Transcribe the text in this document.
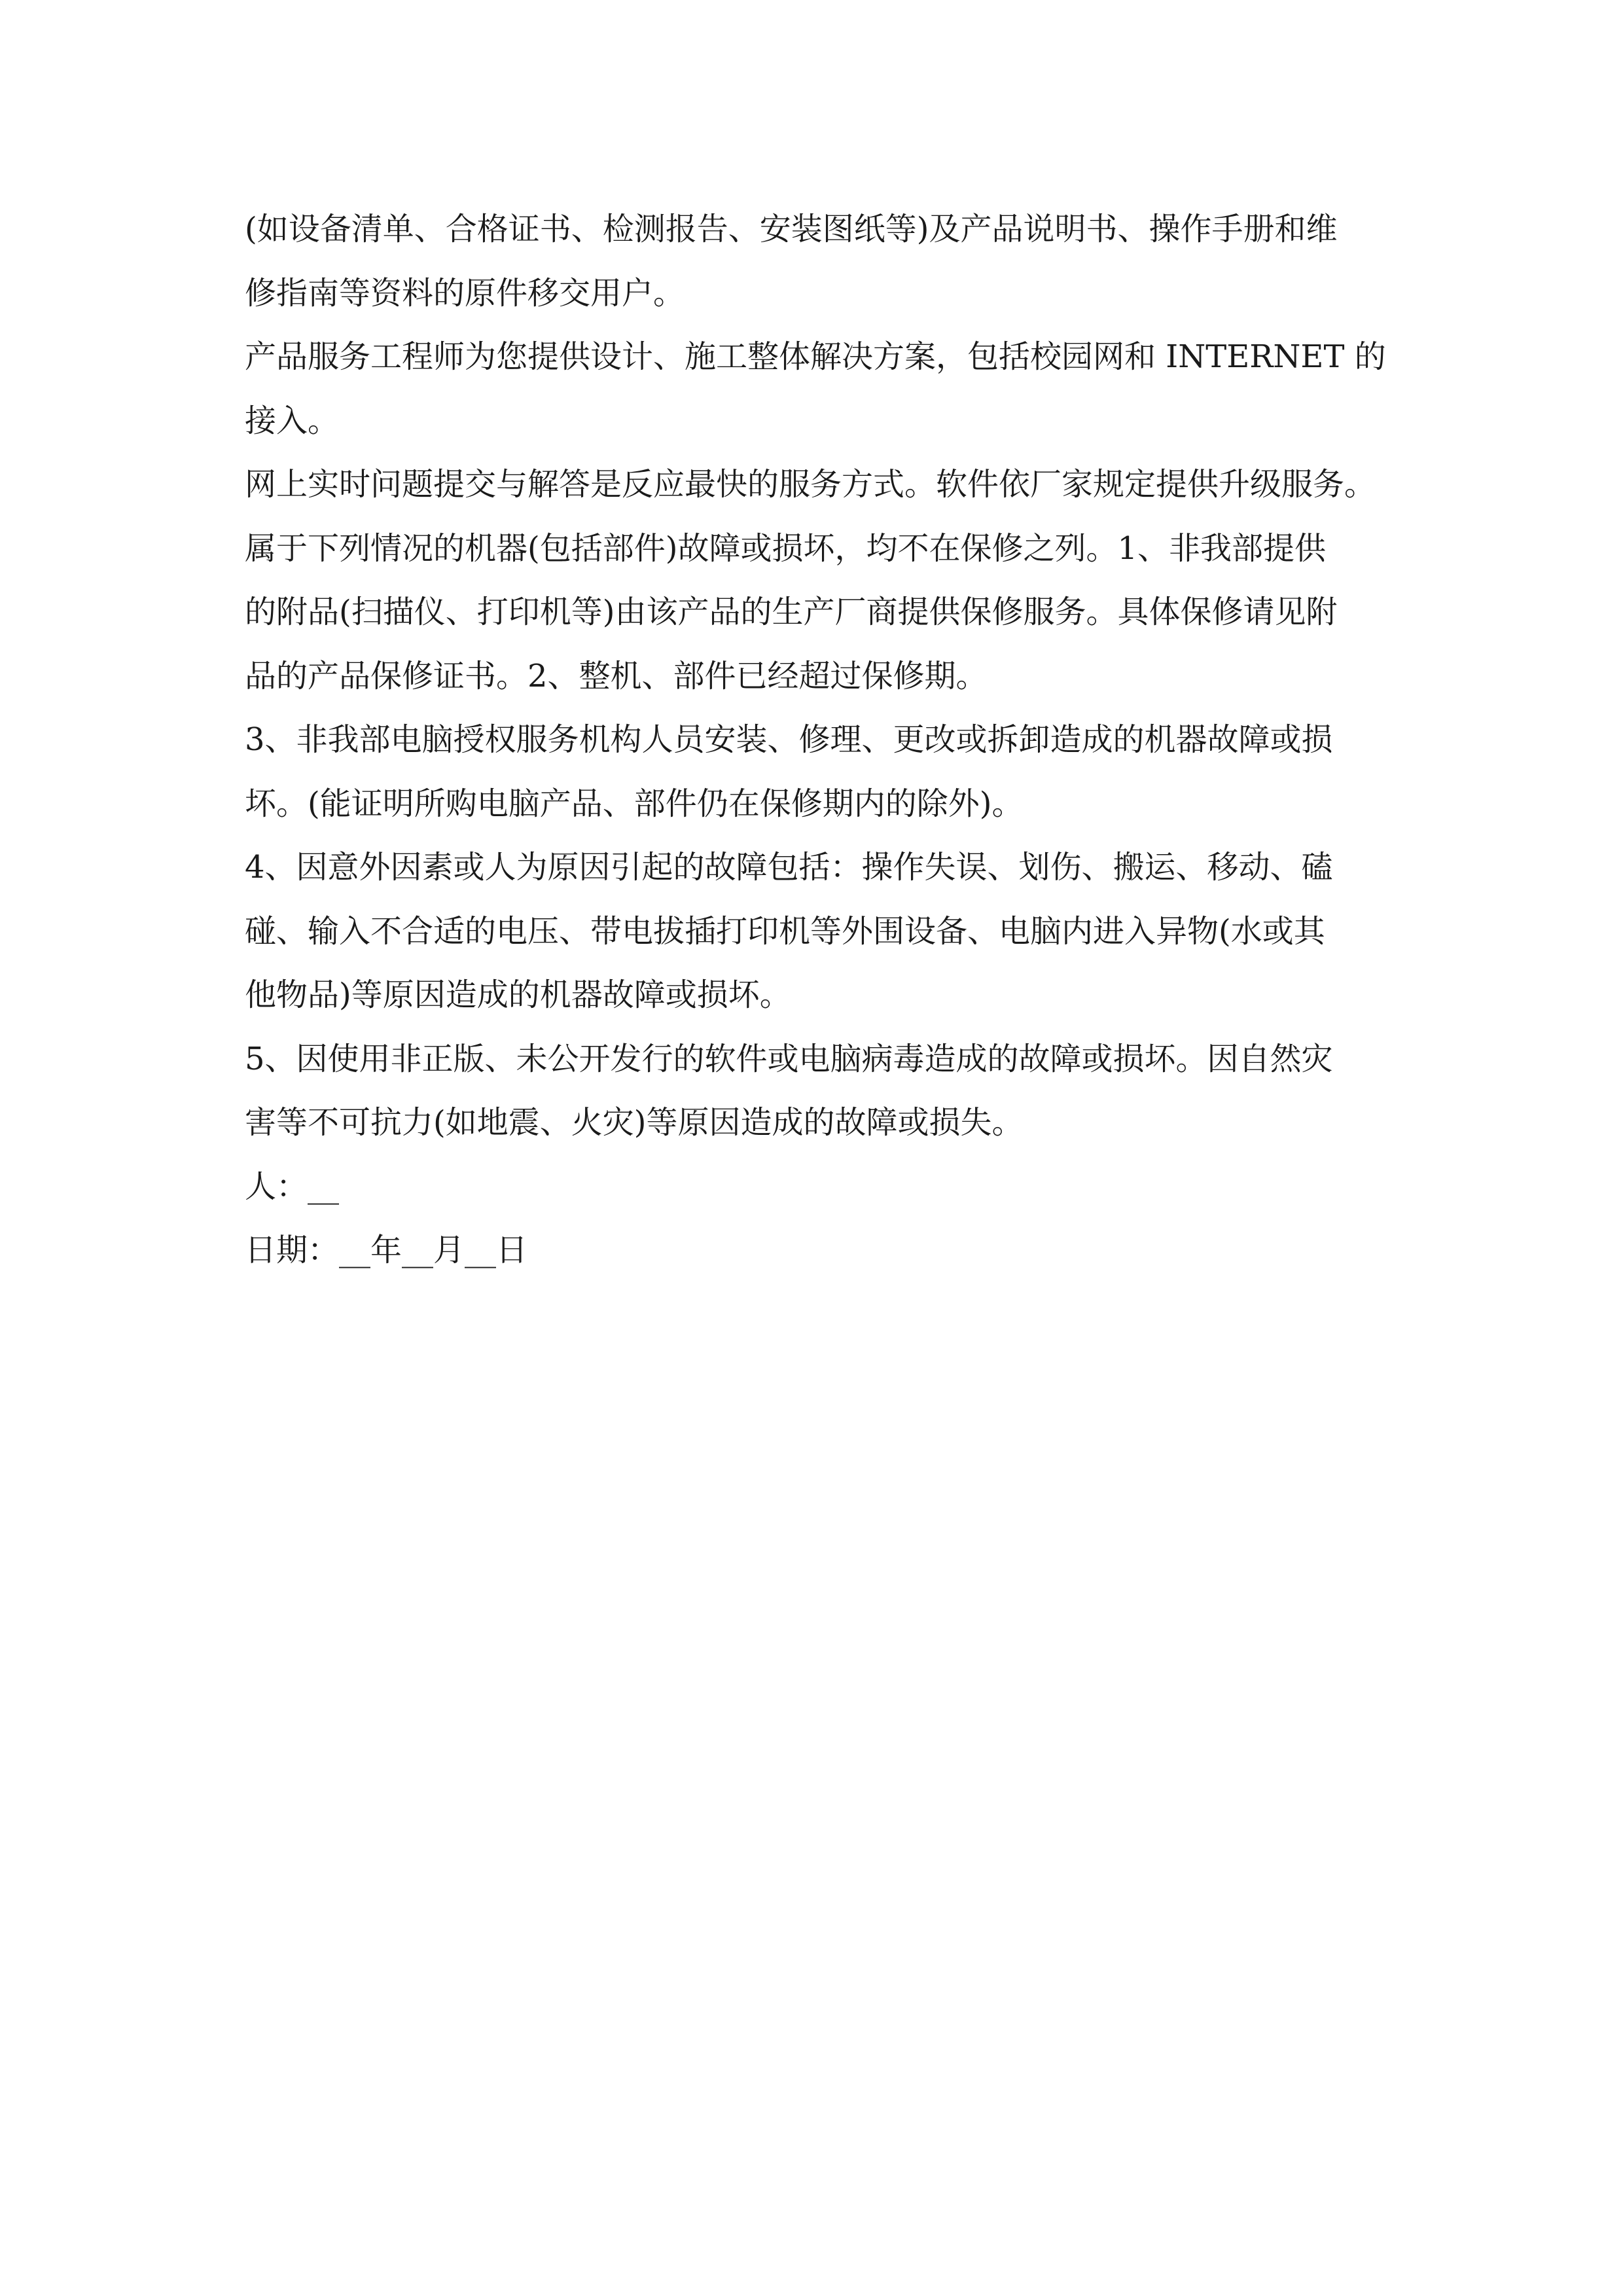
(如设备清单、合格证书、检测报告、安装图纸等)及产品说明书、操作手册和维
修指南等资料的原件移交用户。
产品服务工程师为您提供设计、施工整体解决方案，包括校园网和 INTERNET 的
接入。
网上实时问题提交与解答是反应最快的服务方式。软件依厂家规定提供升级服务。
属于下列情况的机器(包括部件)故障或损坏，均不在保修之列。1、非我部提供
的附品(扫描仪、打印机等)由该产品的生产厂商提供保修服务。具体保修请见附
品的产品保修证书。2、整机、部件已经超过保修期。
3、非我部电脑授权服务机构人员安装、修理、更改或拆卸造成的机器故障或损
坏。(能证明所购电脑产品、部件仍在保修期内的除外)。
4、因意外因素或人为原因引起的故障包括：操作失误、划伤、搬运、移动、磕
碰、输入不合适的电压、带电拔插打印机等外围设备、电脑内进入异物(水或其
他物品)等原因造成的机器故障或损坏。
5、因使用非正版、未公开发行的软件或电脑病毒造成的故障或损坏。因自然灾
害等不可抗力(如地震、火灾)等原因造成的故障或损失。
人：__
日期：__年__月__日
